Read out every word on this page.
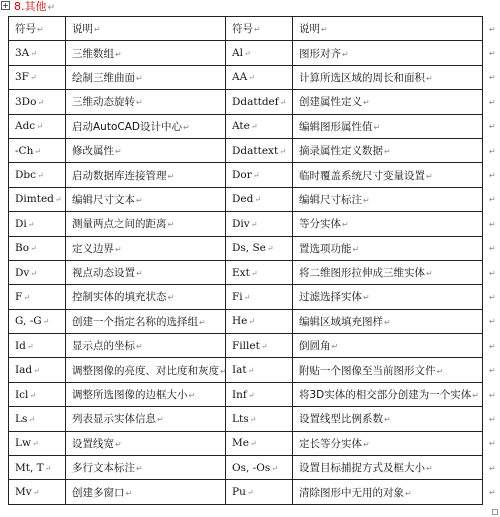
8.其他↵
符号↵	说明↵	符号↵	说明↵	↵
3A↵	三维数组↵	Al↵	图形对齐↵	↵
3F↵	绘制三维曲面↵	AA↵	计算所选区域的周长和面积↵	↵
3Do↵	三维动态旋转↵	Ddattdef↵	创建属性定义↵	↵
Adc↵	启动AutoCAD设计中心↵	Ate↵	编辑图形属性值↵	↵
-Ch↵	修改属性↵	Ddattext↵	摘录属性定义数据↵	↵
Dbc↵	启动数据库连接管理↵	Dor↵	临时覆盖系统尺寸变量设置↵	↵
Dimted↵	编辑尺寸文本↵	Ded↵	编辑尺寸标注↵	↵
Di↵	测量两点之间的距离↵	Div↵	等分实体↵	↵
Bo↵	定义边界↵	Ds, Se↵	置选项功能↵	↵
Dv↵	视点动态设置↵	Ext↵	将二维图形拉伸成三维实体↵	↵
F↵	控制实体的填充状态↵	Fi↵	过滤选择实体↵	↵
G, -G↵	创建一个指定名称的选择组↵	He↵	编辑区域填充图样↵	↵
Id↵	显示点的坐标↵	Fillet↵	倒圆角↵	↵
Iad↵	调整图像的亮度、对比度和灰度↵	Iat↵	附贴一个图像至当前图形文件↵	↵
Icl↵	调整所选图像的边框大小↵	Inf↵	将3D实体的相交部分创建为一个实体↵	↵
Ls↵	列表显示实体信息↵	Lts↵	设置线型比例系数↵	↵
Lw↵	设置线宽↵	Me↵	定长等分实体↵	↵
Mt, T↵	多行文本标注↵	Os, -Os↵	设置目标捕捉方式及框大小↵	↵
Mv↵	创建多窗口↵	Pu↵	清除图形中无用的对象↵	↵
